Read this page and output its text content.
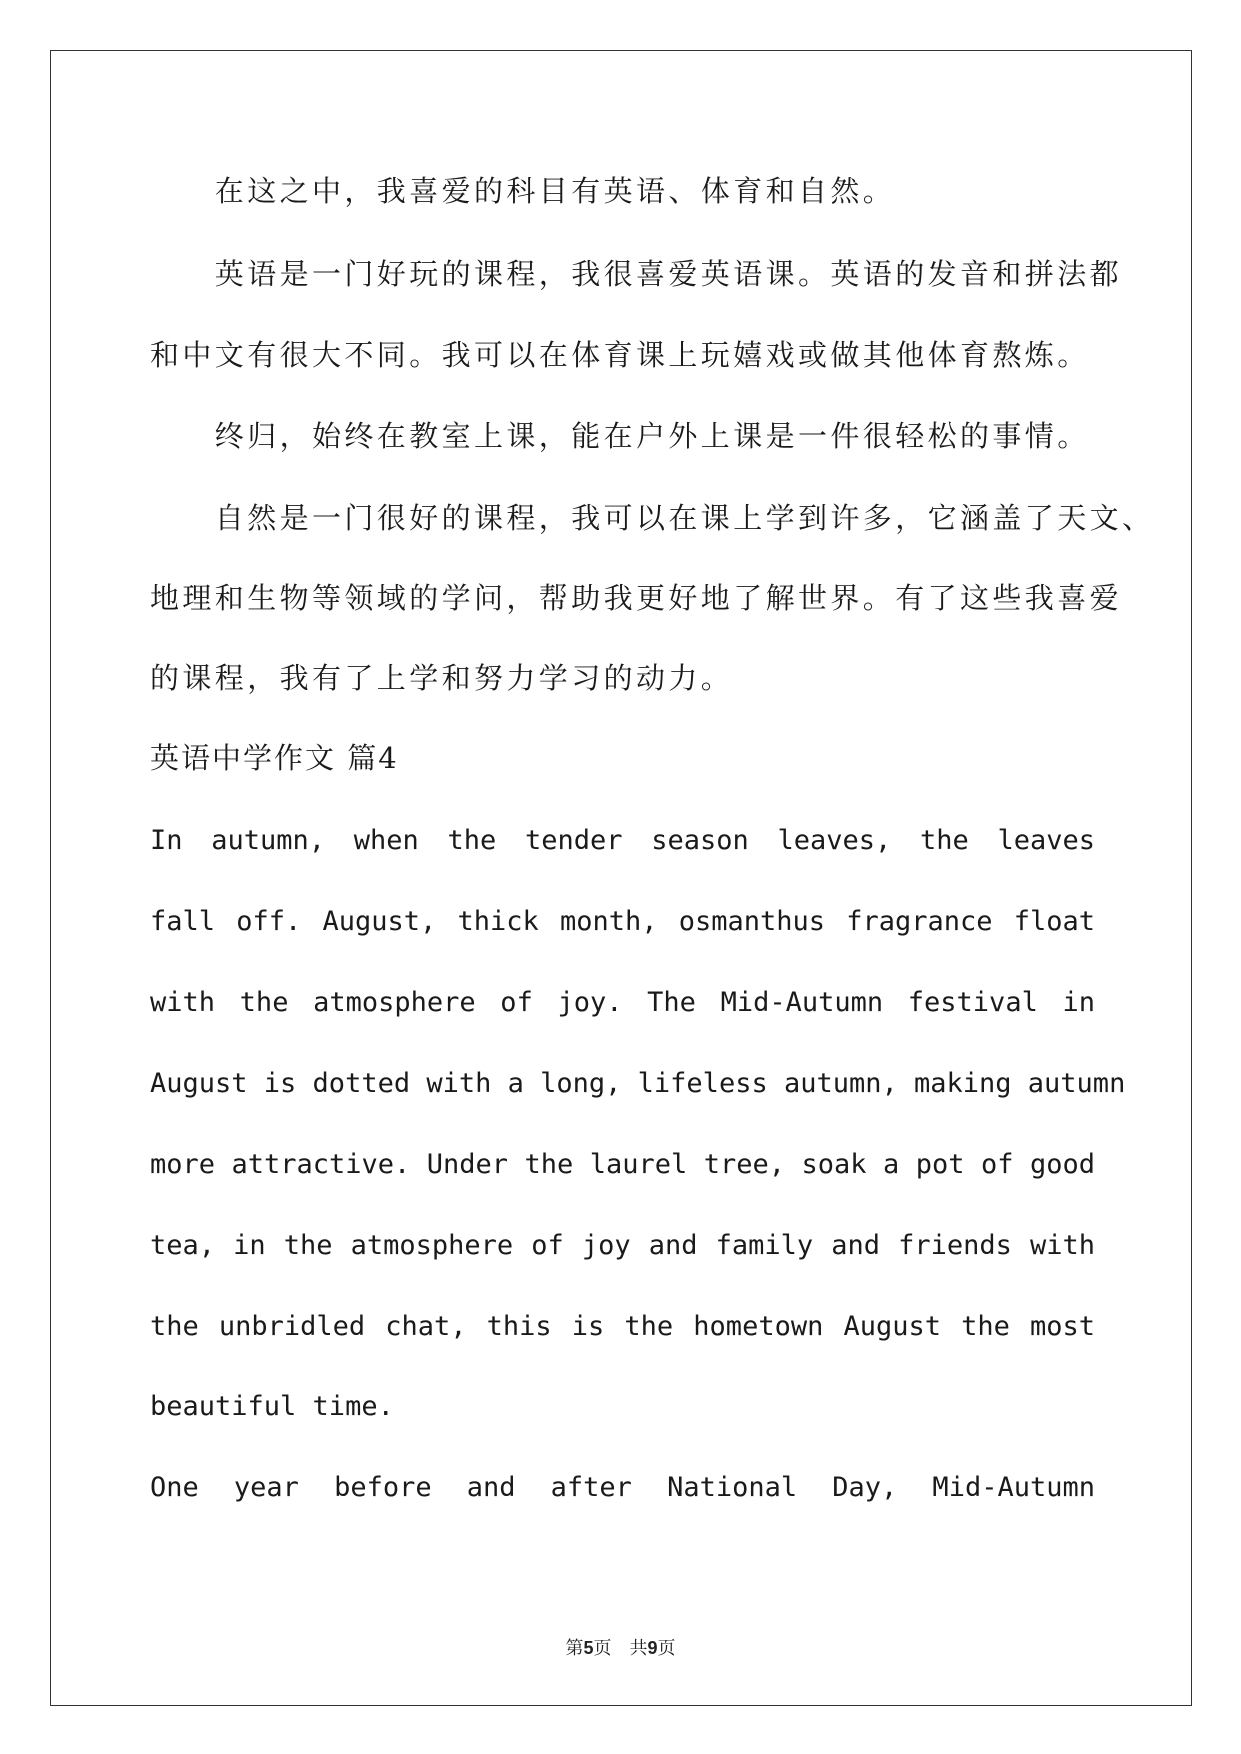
　　在这之中，我喜爱的科目有英语、体育和自然。
　　英语是一门好玩的课程，我很喜爱英语课。英语的发音和拼法都
和中文有很大不同。我可以在体育课上玩嬉戏或做其他体育熬炼。
　　终归，始终在教室上课，能在户外上课是一件很轻松的事情。
　　自然是一门很好的课程，我可以在课上学到许多，它涵盖了天文、
地理和生物等领域的学问，帮助我更好地了解世界。有了这些我喜爱
的课程，我有了上学和努力学习的动力。
英语中学作文 篇4
In autumn, when the tender season leaves, the leaves
fall off. August, thick month, osmanthus fragrance float
with the atmosphere of joy. The Mid-Autumn festival in
August is dotted with a long, lifeless autumn, making autumn
more attractive. Under the laurel tree, soak a pot of good
tea, in the atmosphere of joy and family and friends with
the unbridled chat, this is the hometown August the most
beautiful time.
One year before and after National Day, Mid-Autumn
第5页　共9页
